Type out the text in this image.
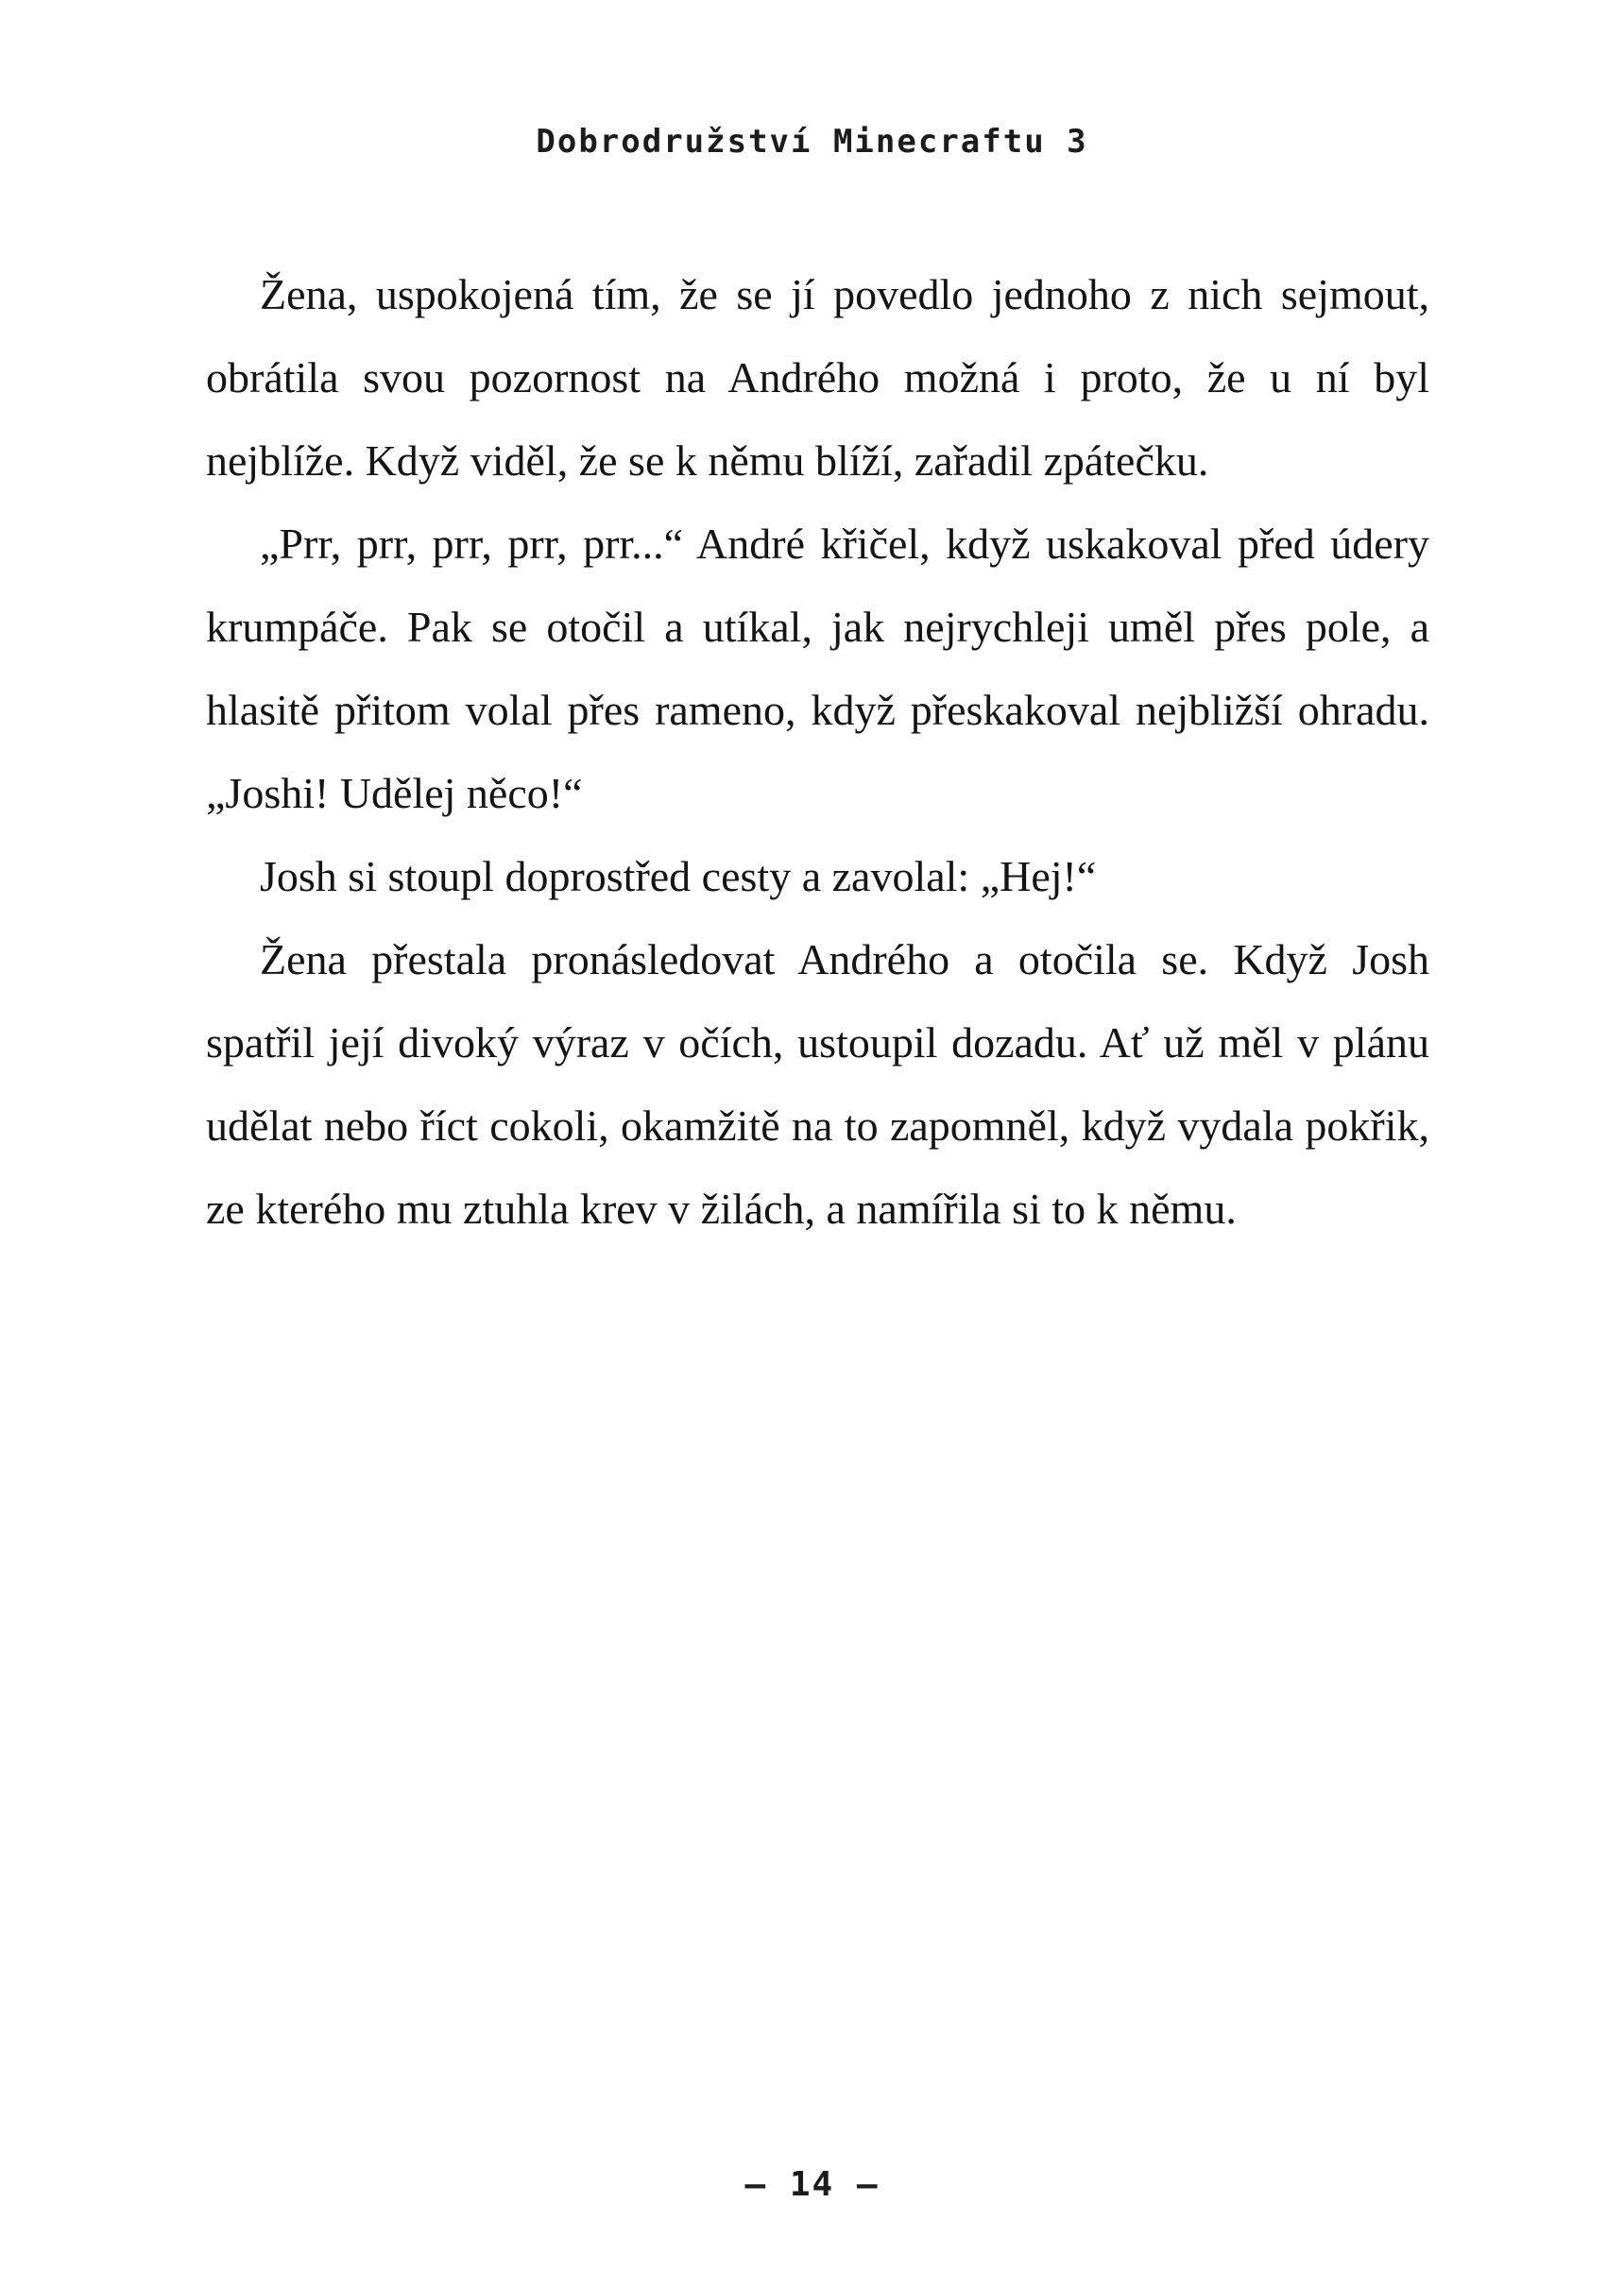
Dobrodružství Minecraftu 3

Žena, uspokojená tím, že se jí povedlo jednoho z nich sejmout, obrátila svou pozornost na Andrého možná i proto, že u ní byl nejblíže. Když viděl, že se k němu blíží, zařadil zpátečku.

„Prr, prr, prr, prr, prr...“ André křičel, když uskakoval před údery krumpáče. Pak se otočil a utíkal, jak nejrychleji uměl přes pole, a hlasitě přitom volal přes rameno, když přeskakoval nejbližší ohradu. „Joshi! Udělej něco!“

Josh si stoupl doprostřed cesty a zavolal: „Hej!“

Žena přestala pronásledovat Andrého a otočila se. Když Josh spatřil její divoký výraz v očích, ustoupil dozadu. Ať už měl v plánu udělat nebo říct cokoli, okamžitě na to zapomněl, když vydala pokřik, ze kterého mu ztuhla krev v žilách, a namířila si to k němu.

– 14 –
